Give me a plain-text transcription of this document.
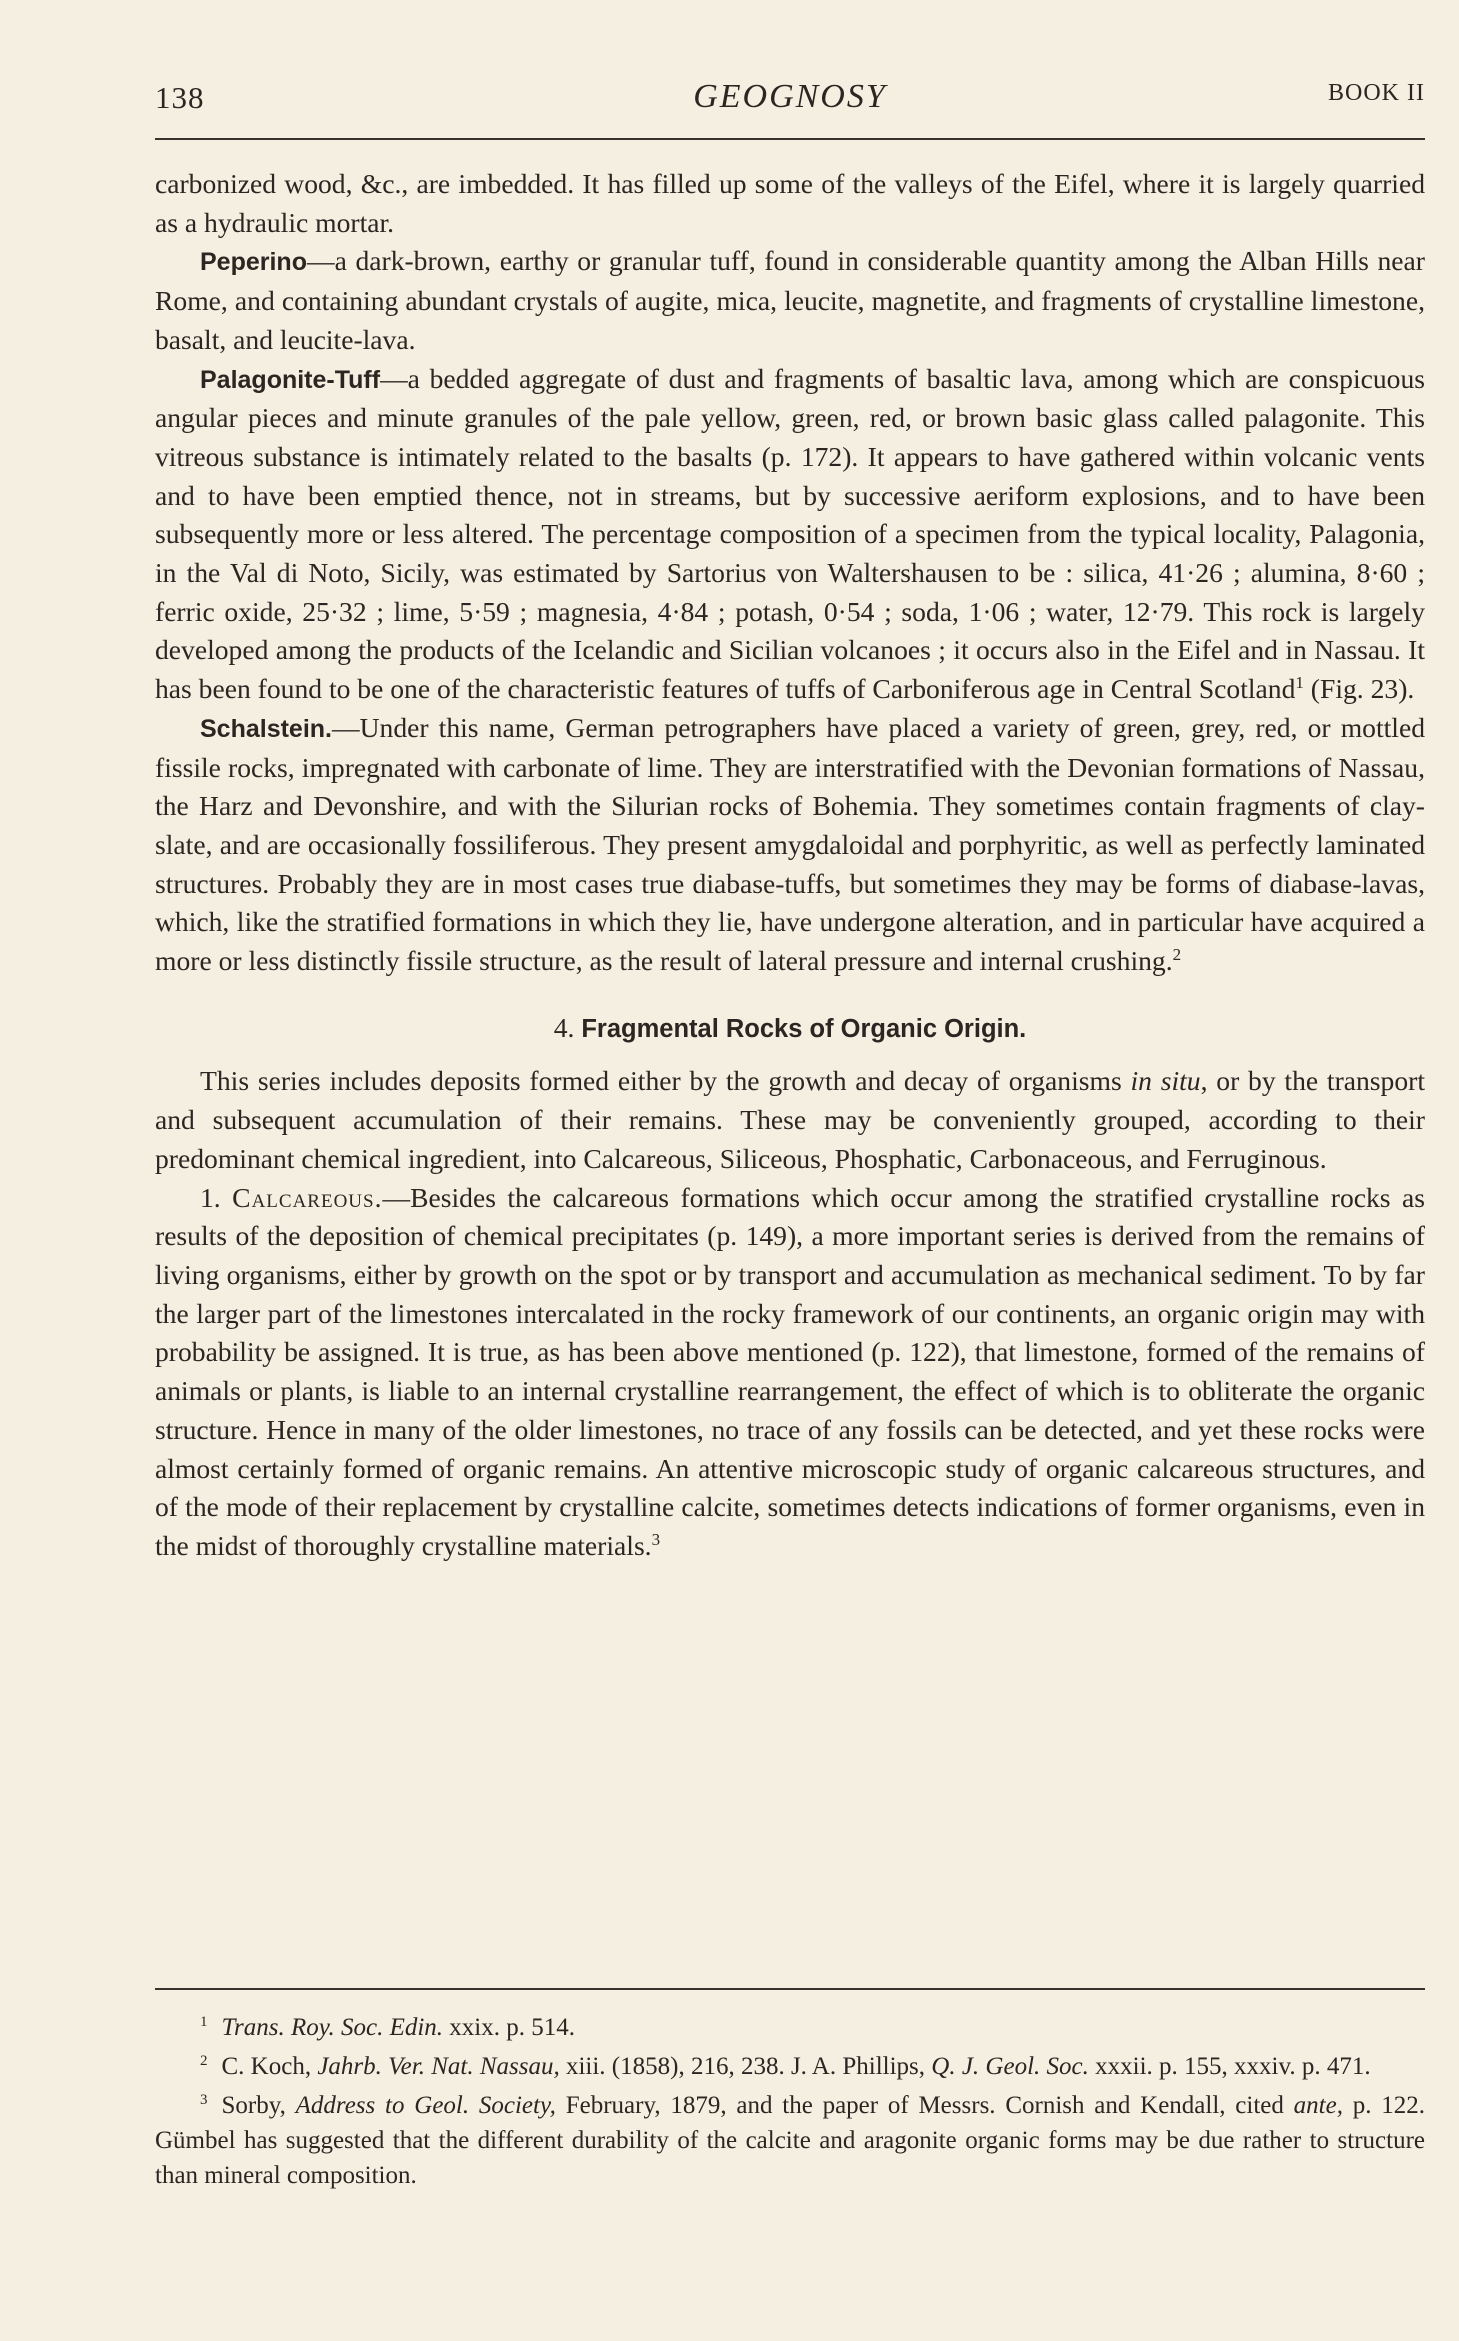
138	GEOGNOSY	BOOK II

carbonized wood, &c., are imbedded. It has filled up some of the valleys of the Eifel, where it is largely quarried as a hydraulic mortar.

Peperino—a dark-brown, earthy or granular tuff, found in considerable quantity among the Alban Hills near Rome, and containing abundant crystals of augite, mica, leucite, magnetite, and fragments of crystalline limestone, basalt, and leucite-lava.

Palagonite-Tuff—a bedded aggregate of dust and fragments of basaltic lava, among which are conspicuous angular pieces and minute granules of the pale yellow, green, red, or brown basic glass called palagonite. This vitreous substance is intimately related to the basalts (p. 172). It appears to have gathered within volcanic vents and to have been emptied thence, not in streams, but by successive aeriform explosions, and to have been subsequently more or less altered. The percentage composition of a specimen from the typical locality, Palagonia, in the Val di Noto, Sicily, was estimated by Sartorius von Waltershausen to be : silica, 41·26 ; alumina, 8·60 ; ferric oxide, 25·32 ; lime, 5·59 ; magnesia, 4·84 ; potash, 0·54 ; soda, 1·06 ; water, 12·79. This rock is largely developed among the products of the Icelandic and Sicilian volcanoes ; it occurs also in the Eifel and in Nassau. It has been found to be one of the characteristic features of tuffs of Carboniferous age in Central Scotland$^1$ (Fig. 23).

Schalstein.—Under this name, German petrographers have placed a variety of green, grey, red, or mottled fissile rocks, impregnated with carbonate of lime. They are interstratified with the Devonian formations of Nassau, the Harz and Devonshire, and with the Silurian rocks of Bohemia. They sometimes contain fragments of clay-slate, and are occasionally fossiliferous. They present amygdaloidal and porphyritic, as well as perfectly laminated structures. Probably they are in most cases true diabase-tuffs, but sometimes they may be forms of diabase-lavas, which, like the stratified formations in which they lie, have undergone alteration, and in particular have acquired a more or less distinctly fissile structure, as the result of lateral pressure and internal crushing.$^2$

4. Fragmental Rocks of Organic Origin.

This series includes deposits formed either by the growth and decay of organisms in situ, or by the transport and subsequent accumulation of their remains. These may be conveniently grouped, according to their predominant chemical ingredient, into Calcareous, Siliceous, Phosphatic, Carbonaceous, and Ferruginous.

1. Calcareous.—Besides the calcareous formations which occur among the stratified crystalline rocks as results of the deposition of chemical precipitates (p. 149), a more important series is derived from the remains of living organisms, either by growth on the spot or by transport and accumulation as mechanical sediment. To by far the larger part of the limestones intercalated in the rocky framework of our continents, an organic origin may with probability be assigned. It is true, as has been above mentioned (p. 122), that limestone, formed of the remains of animals or plants, is liable to an internal crystalline rearrangement, the effect of which is to obliterate the organic structure. Hence in many of the older limestones, no trace of any fossils can be detected, and yet these rocks were almost certainly formed of organic remains. An attentive microscopic study of organic calcareous structures, and of the mode of their replacement by crystalline calcite, sometimes detects indications of former organisms, even in the midst of thoroughly crystalline materials.$^3$

$^1$ Trans. Roy. Soc. Edin. xxix. p. 514.

$^2$ C. Koch, Jahrb. Ver. Nat. Nassau, xiii. (1858), 216, 238. J. A. Phillips, Q. J. Geol. Soc. xxxii. p. 155, xxxiv. p. 471.

$^3$ Sorby, Address to Geol. Society, February, 1879, and the paper of Messrs. Cornish and Kendall, cited ante, p. 122. Gümbel has suggested that the different durability of the calcite and aragonite organic forms may be due rather to structure than mineral composition.
